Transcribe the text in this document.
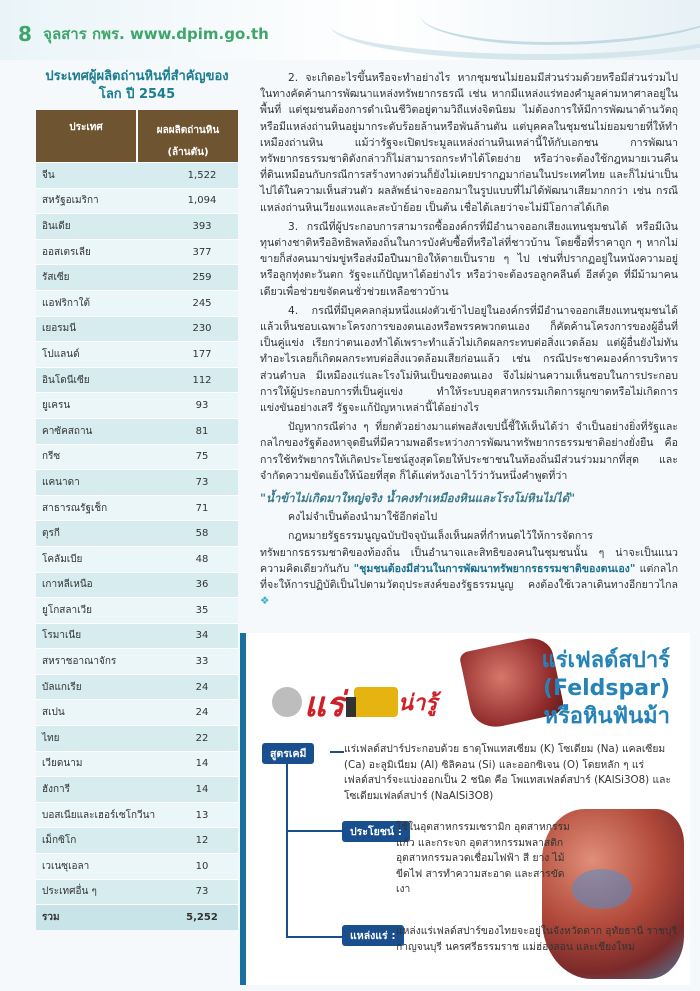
8 จุลสาร กพร. www.dpim.go.th
ประเทศผู้ผลิตถ่านหินที่สำคัญของโลก ปี 2545
ประเทศ	ผลผลิตถ่านหิน
(ล้านตัน)
จีน	1,522
สหรัฐอเมริกา	1,094
อินเดีย	393
ออสเตรเลีย	377
รัสเซีย	259
แอฟริกาใต้	245
เยอรมนี	230
โปแลนด์	177
อินโดนีเซีย	112
ยูเครน	93
คาซัคสถาน	81
กรีซ	75
แคนาดา	73
สาธารณรัฐเช็ก	71
ตุรกี	58
โคลัมเบีย	48
เกาหลีเหนือ	36
ยูโกสลาเวีย	35
โรมาเนีย	34
สหราชอาณาจักร	33
บัลแกเรีย	24
สเปน	24
ไทย	22
เวียดนาม	14
ฮังการี	14
บอสเนียและเฮอร์เซโกวีนา	13
เม็กซิโก	12
เวเนซุเอลา	10
ประเทศอื่น ๆ	73
รวม	5,252

2. จะเกิดอะไรขึ้นหรือจะทำอย่างไร หากชุมชนไม่ยอมมีส่วนร่วมด้วยหรือมีส่วนร่วมไปในทางคัดค้านการพัฒนาแหล่งทรัพยากรธรณี เช่น หากมีแหล่งแร่ทองคำมูลค่ามหาศาลอยู่ในพื้นที่ แต่ชุมชนต้องการดำเนินชีวิตอยู่ตามวิถีแห่งจิตนิยม ไม่ต้องการให้มีการพัฒนาด้านวัตถุ หรือมีแหล่งถ่านหินอยู่มากระดับร้อยล้านหรือพันล้านตัน แต่บุคคลในชุมชนไม่ยอมขายที่ให้ทำเหมืองถ่านหิน แม้ว่ารัฐจะเปิดประมูลแหล่งถ่านหินเหล่านี้ให้กับเอกชน การพัฒนาทรัพยากรธรรมชาติดังกล่าวก็ไม่สามารถกระทำได้โดยง่าย หรือว่าจะต้องใช้กฎหมายเวนคืนที่ดินเหมือนกับกรณีการสร้างทางด่วนก็ยังไม่เคยปรากฏมาก่อนในประเทศไทย และก็ไม่น่าเป็นไปได้ในความเห็นส่วนตัว ผลลัพธ์น่าจะออกมาในรูปแบบที่ไม่ได้พัฒนาเสียมากกว่า เช่น กรณีแหล่งถ่านหินเวียงแหงและสะบ้าย้อย เป็นต้น เชื่อได้เลยว่าจะไม่มีโอกาสได้เกิด

3. กรณีที่ผู้ประกอบการสามารถซื้อองค์กรที่มีอำนาจออกเสียงแทนชุมชนได้ หรือมีเงินทุนต่างชาติหรืออิทธิพลท้องถิ่นในการบังคับซื้อที่หรือไล่ที่ชาวบ้าน โดยซื้อที่ราคาถูก ๆ หากไม่ขายก็ส่งคนมาข่มขู่หรือส่งมือปืนมายิงให้ตายเป็นราย ๆ ไป เช่นที่ปรากฏอยู่ในหนังความอยู่ หรือลูกทุ่งตะวันตก รัฐจะแก้ปัญหาได้อย่างไร หรือว่าจะต้องรอลูกคลีนต์ อีสต์วูด ที่มีม้ามาคนเดียวเพื่อช่วยขจัดคนชั่วช่วยเหลือชาวบ้าน

4. กรณีที่มีบุคคลกลุ่มหนึ่งแฝงตัวเข้าไปอยู่ในองค์กรที่มีอำนาจออกเสียงแทนชุมชนได้ แล้วเห็นชอบเฉพาะโครงการของตนเองหรือพรรคพวกตนเอง ก็คัดค้านโครงการของผู้อื่นที่เป็นคู่แข่ง เรียกว่าตนเองทำได้เพราะทำแล้วไม่เกิดผลกระทบต่อสิ่งแวดล้อม แต่ผู้อื่นยังไม่ทันทำอะไรเลยก็เกิดผลกระทบต่อสิ่งแวดล้อมเสียก่อนแล้ว เช่น กรณีประชาคมองค์การบริหารส่วนตำบล มีเหมืองแร่และโรงโม่หินเป็นของตนเอง จึงไม่ผ่านความเห็นชอบในการประกอบการให้ผู้ประกอบการที่เป็นคู่แข่ง ทำให้ระบบอุตสาหกรรมเกิดการผูกขาดหรือไม่เกิดการแข่งขันอย่างเสรี รัฐจะแก้ปัญหาเหล่านี้ได้อย่างไร

ปัญหากรณีต่าง ๆ ที่ยกตัวอย่างมาแต่พอสังเขปนี้ชี้ให้เห็นได้ว่า จำเป็นอย่างยิ่งที่รัฐและกลไกของรัฐต้องหาจุดยืนที่มีความพอดีระหว่างการพัฒนาทรัพยากรธรรมชาติอย่างยั่งยืน คือการใช้ทรัพยากรให้เกิดประโยชน์สูงสุดโดยให้ประชาชนในท้องถิ่นมีส่วนร่วมมากที่สุด และจำกัดความขัดแย้งให้น้อยที่สุด ก็ได้แต่หวังเอาไว้ว่าวันหนึ่งคำพูดที่ว่า

"น้ำข้าไม่เกิดมาใหญ่จริง น้ำคงทำเหมืองหินและโรงโม่หินไม่ได้"

คงไม่จำเป็นต้องนำมาใช้อีกต่อไป

กฎหมายรัฐธรรมนูญฉบับปัจจุบันเล็งเห็นผลที่กำหนดไว้ให้การจัดการทรัพยากรธรรมชาติของท้องถิ่น เป็นอำนาจและสิทธิของคนในชุมชนนั้น ๆ น่าจะเป็นแนวความคิดเดียวกันกับ "ชุมชนต้องมีส่วนในการพัฒนาทรัพยากรธรรมชาติของตนเอง" แต่กลไกที่จะให้การปฏิบัติเป็นไปตามวัตถุประสงค์ของรัฐธรรมนูญ คงต้องใช้เวลาเดินทางอีกยาวไกล ❖

แร่ น่ารู้
แร่เฟลด์สปาร์
(Feldspar)
หรือหินฟันม้า
สูตรเคมี	แร่เฟลด์สปาร์ประกอบด้วย ธาตุโพแทสเซียม (K) โซเดียม (Na) แคลเซียม (Ca) อะลูมิเนียม (Al) ซิลิคอน (Si) และออกซิเจน (O) โดยหลัก ๆ แร่เฟลด์สปาร์จะแบ่งออกเป็น 2 ชนิด คือ โพแทสเฟลด์สปาร์ (KAlSi3O8) และโซเดียมเฟลด์สปาร์ (NaAlSi3O8)
ประโยชน์ :
ใช้ในอุตสาหกรรมเซรามิก อุตสาหกรรมแก้ว และกระจก อุตสาหกรรมพลาสติก อุตสาหกรรมลวดเชื่อมไฟฟ้า สี ยาง ไม้ขีดไฟ สารทำความสะอาด และสารขัดเงา
แหล่งแร่ : แหล่งแร่เฟลด์สปาร์ของไทยจะอยู่ในจังหวัดตาก อุทัยธานี ราชบุรี กาญจนบุรี นครศรีธรรมราช แม่ฮ่องสอน และเชียงใหม่
